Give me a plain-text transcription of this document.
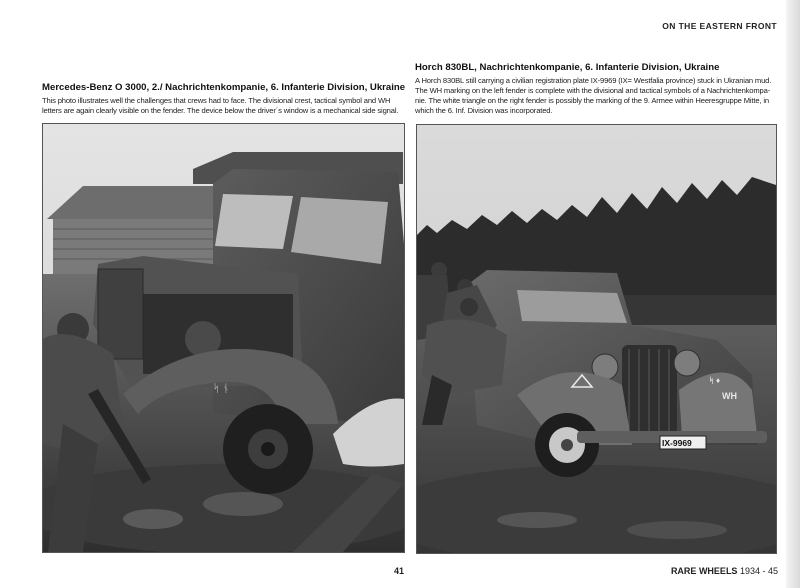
ON THE EASTERN FRONT
Mercedes-Benz O 3000, 2./ Nachrichtenkompanie, 6. Infanterie Division, Ukraine

This photo illustrates well the challenges that crews had to face. The divisional crest, tactical symbol and WH letters are again clearly visible on the fender. The device below the driver´s window is a mechanical side signal.

Horch 830BL, Nachrichtenkompanie, 6. Infanterie Division, Ukraine

A Horch 830BL still carrying a civilian registration plate IX-9969 (IX= Westfalia province) stuck in Ukranian mud. The WH marking on the left fender is complete with the divisional and tactical symbols of a Nachrichtenkompa-nie. The white triangle on the right fender is possibly the marking of the 9. Armee within Heeresgruppe Mitte, in which the 6. Inf. Division was incorporated.

ᛋ ᚾ
ᛋ ♦
WH
IX-9969
41	RARE WHEELS 1934 - 45
